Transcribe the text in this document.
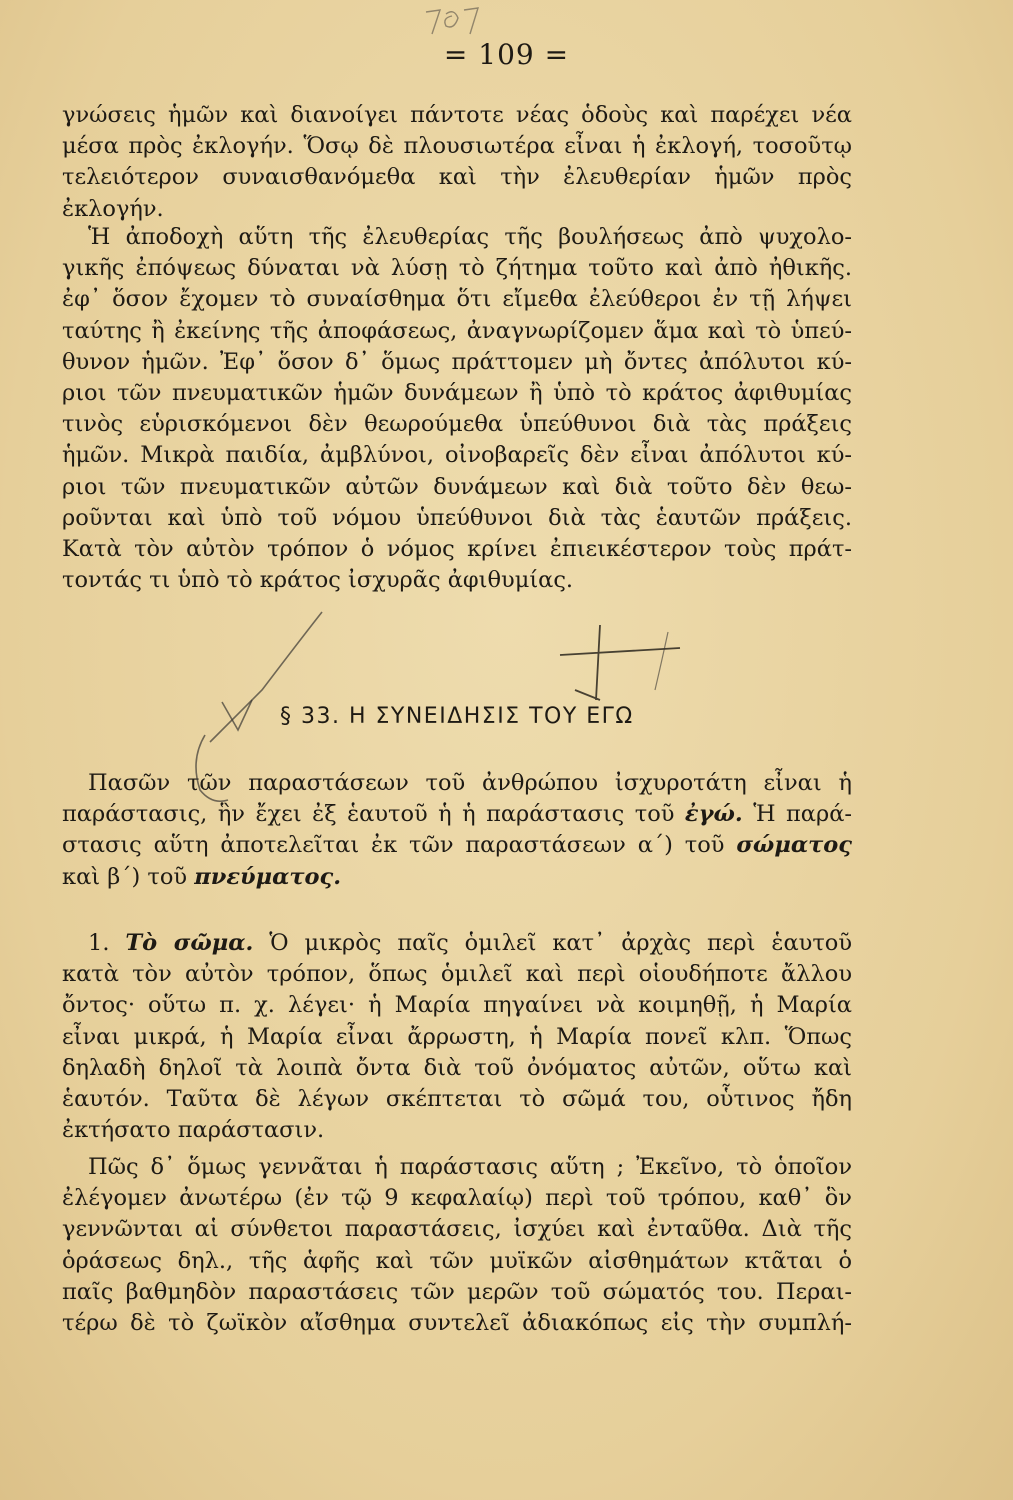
= 109 =

γνώσεις ἡμῶν καὶ διανοίγει πάντοτε νέας ὁδοὺς καὶ παρέχει νέα

μέσα πρὸς ἐκλογήν. Ὅσῳ δὲ πλουσιωτέρα εἶναι ἡ ἐκλογή, τοσοῦτῳ

τελειότερον συναισθανόμεθα καὶ τὴν ἐλευθερίαν ἡμῶν πρὸς ἐκλογήν.

Ἡ ἀποδοχὴ αὕτη τῆς ἐλευθερίας τῆς βουλήσεως ἀπὸ ψυχολο-

γικῆς ἐπόψεως δύναται νὰ λύσῃ τὸ ζήτημα τοῦτο καὶ ἀπὸ ἠθικῆς.

ἐφ᾽ ὅσον ἔχομεν τὸ συναίσθημα ὅτι εἴμεθα ἐλεύθεροι ἐν τῇ λήψει

ταύτης ἢ ἐκείνης τῆς ἀποφάσεως, ἀναγνωρίζομεν ἅμα καὶ τὸ ὑπεύ-

θυνον ἡμῶν. Ἐφ᾽ ὅσον δ᾽ ὅμως πράττομεν μὴ ὄντες ἀπόλυτοι κύ-

ριοι τῶν πνευματικῶν ἡμῶν δυνάμεων ἢ ὑπὸ τὸ κράτος ἀφιθυμίας

τινὸς εὑρισκόμενοι δὲν θεωρούμεθα ὑπεύθυνοι διὰ τὰς πράξεις

ἡμῶν. Μικρὰ παιδία, ἀμβλύνοι, οἰνοβαρεῖς δὲν εἶναι ἀπόλυτοι κύ-

ριοι τῶν πνευματικῶν αὐτῶν δυνάμεων καὶ διὰ τοῦτο δὲν θεω-

ροῦνται καὶ ὑπὸ τοῦ νόμου ὑπεύθυνοι διὰ τὰς ἑαυτῶν πράξεις.

Κατὰ τὸν αὐτὸν τρόπον ὁ νόμος κρίνει ἐπιεικέστερον τοὺς πράτ-

τοντάς τι ὑπὸ τὸ κράτος ἰσχυρᾶς ἀφιθυμίας.

§ 33. Η ΣΥΝΕΙΔΗΣΙΣ ΤΟΥ ΕΓΩ

Πασῶν τῶν παραστάσεων τοῦ ἀνθρώπου ἰσχυροτάτη εἶναι ἡ

παράστασις, ἣν ἔχει ἐξ ἑαυτοῦ ἡ ἡ παράστασις τοῦ ἐγώ. Ἡ παρά-

στασις αὕτη ἀποτελεῖται ἐκ τῶν παραστάσεων α΄) τοῦ σώματος

καὶ β΄) τοῦ πνεύματος.

1. Τὸ σῶμα. Ὁ μικρὸς παῖς ὁμιλεῖ κατ᾽ ἀρχὰς περὶ ἑαυτοῦ

κατὰ τὸν αὐτὸν τρόπον, ὅπως ὁμιλεῖ καὶ περὶ οἱουδήποτε ἄλλου

ὄντος· οὕτω π. χ. λέγει· ἡ Μαρία πηγαίνει νὰ κοιμηθῇ, ἡ Μαρία

εἶναι μικρά, ἡ Μαρία εἶναι ἄρρωστη, ἡ Μαρία πονεῖ κλπ. Ὅπως

δηλαδὴ δηλοῖ τὰ λοιπὰ ὄντα διὰ τοῦ ὀνόματος αὐτῶν, οὕτω καὶ

ἑαυτόν. Ταῦτα δὲ λέγων σκέπτεται τὸ σῶμά του, οὗτινος ἤδη

ἐκτήσατο παράστασιν.

Πῶς δ᾽ ὅμως γεννᾶται ἡ παράστασις αὕτη ; Ἐκεῖνο, τὸ ὁποῖον

ἐλέγομεν ἀνωτέρω (ἐν τῷ 9 κεφαλαίῳ) περὶ τοῦ τρόπου, καθ᾽ ὃν

γεννῶνται αἱ σύνθετοι παραστάσεις, ἰσχύει καὶ ἐνταῦθα. Διὰ τῆς

ὁράσεως δηλ., τῆς ἁφῆς καὶ τῶν μυϊκῶν αἰσθημάτων κτᾶται ὁ

παῖς βαθμηδὸν παραστάσεις τῶν μερῶν τοῦ σώματός του. Περαι-

τέρω δὲ τὸ ζωϊκὸν αἴσθημα συντελεῖ ἀδιακόπως εἰς τὴν συμπλή-
